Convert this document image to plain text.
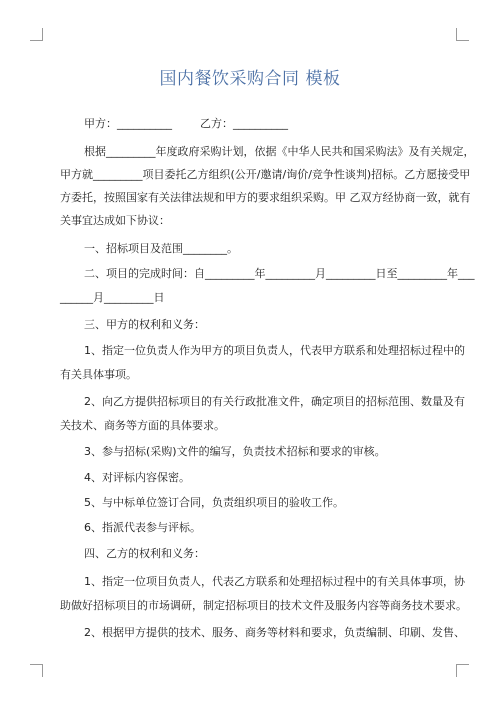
国内餐饮采购合同 模板
甲方：__________        乙方：__________
根据_________年度政府采购计划，依据《中华人民共和国采购法》及有关规定，
甲方就_________项目委托乙方组织(公开/邀请/询价/竞争性谈判)招标。乙方愿接受甲
方委托，按照国家有关法律法规和甲方的要求组织采购。甲 乙双方经协商一致，就有
关事宜达成如下协议：
一、招标项目及范围________。
二、项目的完成时间：自_________年_________月_________日至_________年___
______月_________日
三、甲方的权利和义务：
1、指定一位负责人作为甲方的项目负责人，代表甲方联系和处理招标过程中的
有关具体事项。
2、向乙方提供招标项目的有关行政批准文件，确定项目的招标范围、数量及有
关技术、商务等方面的具体要求。
3、参与招标(采购)文件的编写，负责技术招标和要求的审核。
4、对评标内容保密。
5、与中标单位签订合同，负责组织项目的验收工作。
6、指派代表参与评标。
四、乙方的权利和义务：
1、指定一位项目负责人，代表乙方联系和处理招标过程中的有关具体事项，协
助做好招标项目的市场调研，制定招标项目的技术文件及服务内容等商务技术要求。
2、根据甲方提供的技术、服务、商务等材料和要求，负责编制、印刷、发售、
